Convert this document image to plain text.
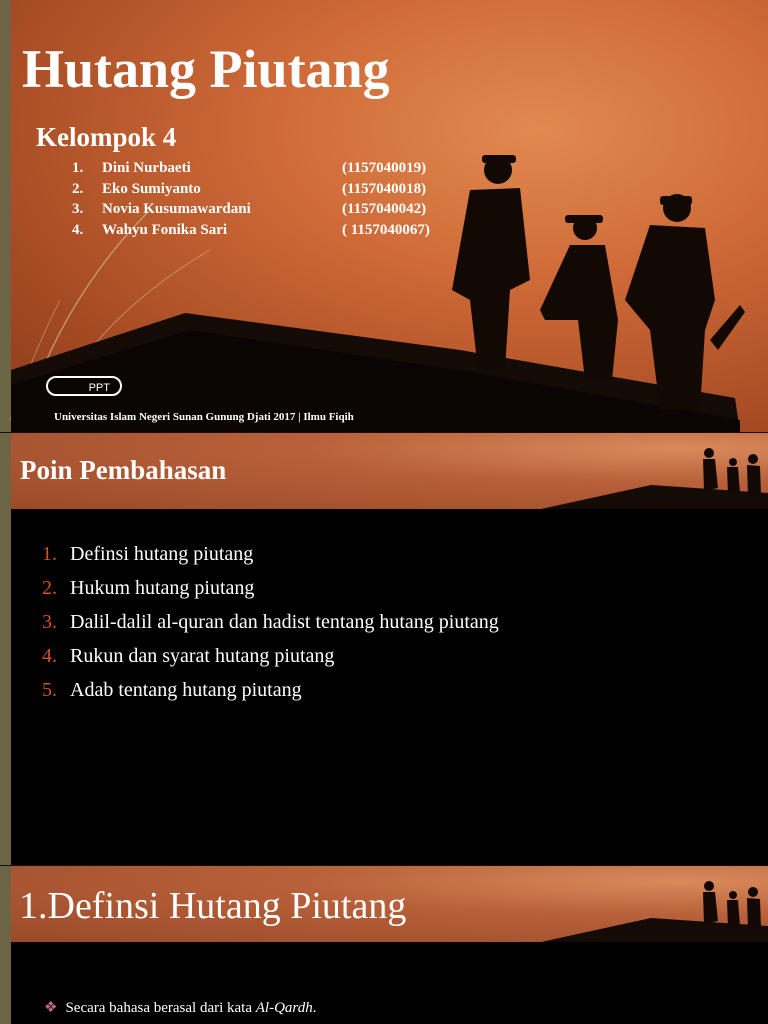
Hutang Piutang
Kelompok 4
1. Dini Nurbaeti	(1157040019)
2. Eko Sumiyanto	(1157040018)
3. Novia Kusumawardani	(1157040042)
4. Wahyu Fonika Sari	( 1157040067)
PPT
Universitas Islam Negeri Sunan Gunung Djati 2017 | Ilmu Fiqih
Poin Pembahasan
1. Definsi hutang piutang
2. Hukum hutang piutang
3. Dalil-dalil al-quran dan hadist tentang hutang piutang
4. Rukun dan syarat hutang piutang
5. Adab tentang hutang piutang
1.Definsi Hutang Piutang
❖ Secara bahasa berasal dari kata Al-Qardh.
